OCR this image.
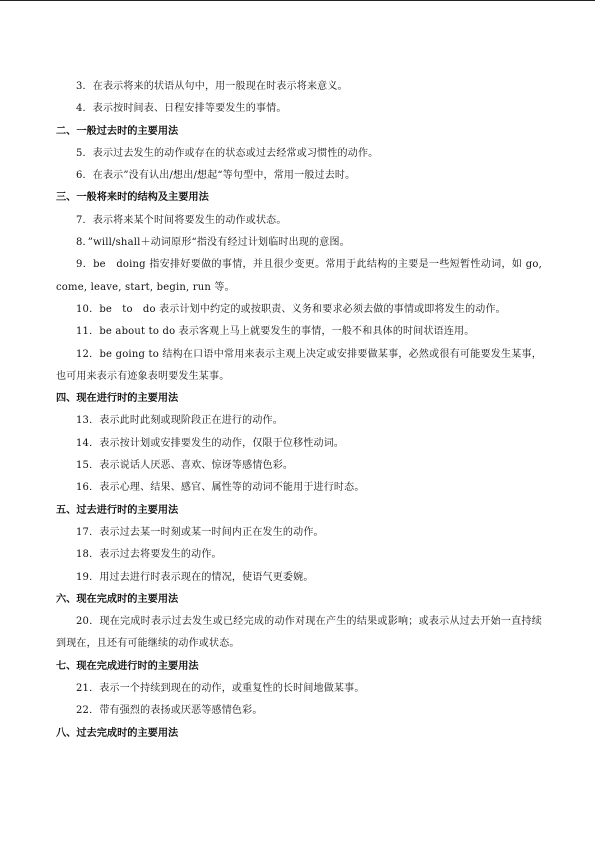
3．在表示将来的状语从句中，用一般现在时表示将来意义。
4．表示按时间表、日程安排等要发生的事情。
二、一般过去时的主要用法
5．表示过去发生的动作或存在的状态或过去经常或习惯性的动作。
6．在表示”没有认出/想出/想起“等句型中，常用一般过去时。
三、一般将来时的结构及主要用法
7．表示将来某个时间将要发生的动作或状态。
8．”will/shall＋动词原形“指没有经过计划临时出现的意图。
9．be　doing 指安排好要做的事情，并且很少变更。常用于此结构的主要是一些短暂性动词，如 go, come, leave, start, begin, run 等。
10．be　to　do 表示计划中约定的或按职责、义务和要求必须去做的事情或即将发生的动作。
11．be about to do 表示客观上马上就要发生的事情，一般不和具体的时间状语连用。
12．be going to 结构在口语中常用来表示主观上决定或安排要做某事，必然或很有可能要发生某事，也可用来表示有迹象表明要发生某事。
四、现在进行时的主要用法
13．表示此时此刻或现阶段正在进行的动作。
14．表示按计划或安排要发生的动作，仅限于位移性动词。
15．表示说话人厌恶、喜欢、惊讶等感情色彩。
16．表示心理、结果、感官、属性等的动词不能用于进行时态。
五、过去进行时的主要用法
17．表示过去某一时刻或某一时间内正在发生的动作。
18．表示过去将要发生的动作。
19．用过去进行时表示现在的情况，使语气更委婉。
六、现在完成时的主要用法
20．现在完成时表示过去发生或已经完成的动作对现在产生的结果或影响；或表示从过去开始一直持续到现在，且还有可能继续的动作或状态。
七、现在完成进行时的主要用法
21．表示一个持续到现在的动作，或重复性的长时间地做某事。
22．带有强烈的表扬或厌恶等感情色彩。
八、过去完成时的主要用法
